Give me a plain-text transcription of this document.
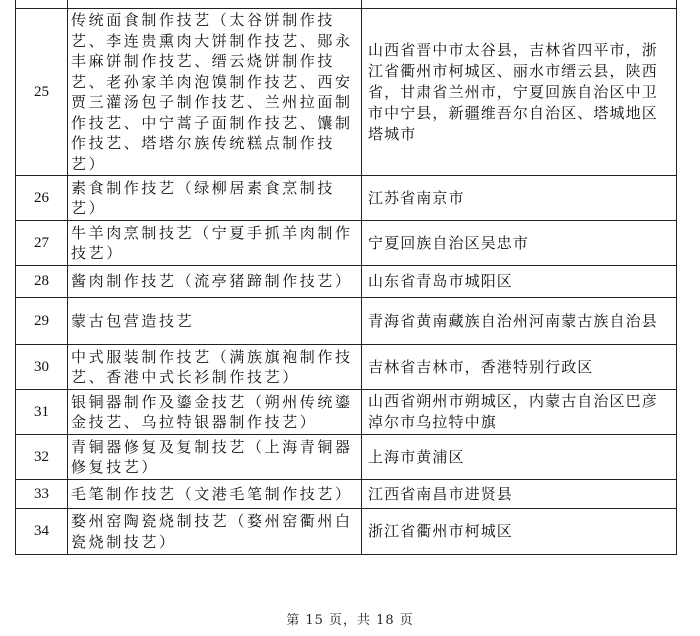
25	传统面食制作技艺（太谷饼制作技艺、李连贵熏肉大饼制作技艺、郧永丰麻饼制作技艺、缙云烧饼制作技艺、老孙家羊肉泡馍制作技艺、西安贾三灌汤包子制作技艺、兰州拉面制作技艺、中宁蒿子面制作技艺、馕制作技艺、塔塔尔族传统糕点制作技艺）	山西省晋中市太谷县，吉林省四平市，浙江省衢州市柯城区、丽水市缙云县，陕西省，甘肃省兰州市，宁夏回族自治区中卫市中宁县，新疆维吾尔自治区、塔城地区塔城市
26	素食制作技艺（绿柳居素食烹制技艺）	江苏省南京市
27	牛羊肉烹制技艺（宁夏手抓羊肉制作技艺）	宁夏回族自治区吴忠市
28	酱肉制作技艺（流亭猪蹄制作技艺）	山东省青岛市城阳区
29	蒙古包营造技艺	青海省黄南藏族自治州河南蒙古族自治县
30	中式服装制作技艺（满族旗袍制作技艺、香港中式长衫制作技艺）	吉林省吉林市，香港特别行政区
31	银铜器制作及鎏金技艺（朔州传统鎏金技艺、乌拉特银器制作技艺）	山西省朔州市朔城区，内蒙古自治区巴彦淖尔市乌拉特中旗
32	青铜器修复及复制技艺（上海青铜器修复技艺）	上海市黄浦区
33	毛笔制作技艺（文港毛笔制作技艺）	江西省南昌市进贤县
34	婺州窑陶瓷烧制技艺（婺州窑衢州白瓷烧制技艺）	浙江省衢州市柯城区
第 15 页，共 18 页
